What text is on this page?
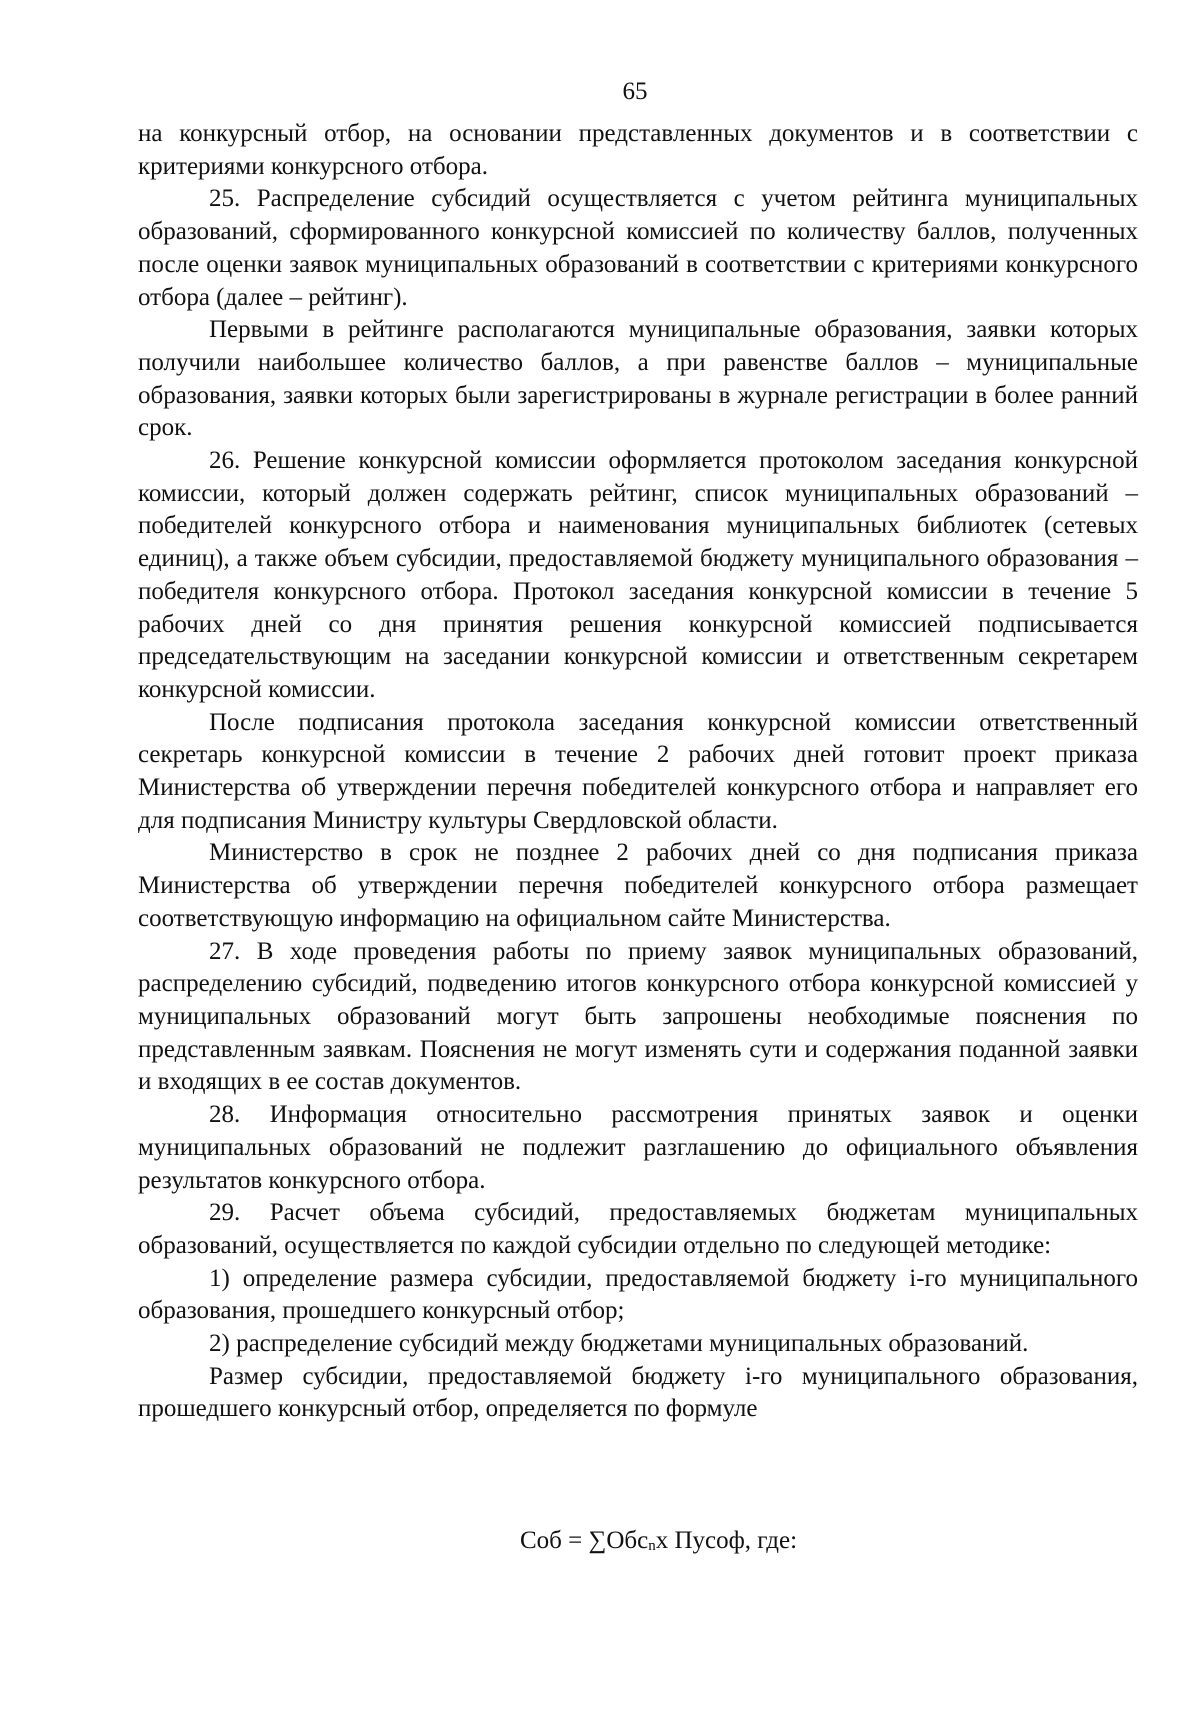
65

на конкурсный отбор, на основании представленных документов и в соответствии с критериями конкурсного отбора.

25. Распределение субсидий осуществляется с учетом рейтинга муниципальных образований, сформированного конкурсной комиссией по количеству баллов, полученных после оценки заявок муниципальных образований в соответствии с критериями конкурсного отбора (далее – рейтинг).

Первыми в рейтинге располагаются муниципальные образования, заявки которых получили наибольшее количество баллов, а при равенстве баллов – муниципальные образования, заявки которых были зарегистрированы в журнале регистрации в более ранний срок.

26. Решение конкурсной комиссии оформляется протоколом заседания конкурсной комиссии, который должен содержать рейтинг, список муниципальных образований – победителей конкурсного отбора и наименования муниципальных библиотек (сетевых единиц), а также объем субсидии, предоставляемой бюджету муниципального образования – победителя конкурсного отбора. Протокол заседания конкурсной комиссии в течение 5 рабочих дней со дня принятия решения конкурсной комиссией подписывается председательствующим на заседании конкурсной комиссии и ответственным секретарем конкурсной комиссии.

После подписания протокола заседания конкурсной комиссии ответственный секретарь конкурсной комиссии в течение 2 рабочих дней готовит проект приказа Министерства об утверждении перечня победителей конкурсного отбора и направляет его для подписания Министру культуры Свердловской области.

Министерство в срок не позднее 2 рабочих дней со дня подписания приказа Министерства об утверждении перечня победителей конкурсного отбора размещает соответствующую информацию на официальном сайте Министерства.

27. В ходе проведения работы по приему заявок муниципальных образований, распределению субсидий, подведению итогов конкурсного отбора конкурсной комиссией у муниципальных образований могут быть запрошены необходимые пояснения по представленным заявкам. Пояснения не могут изменять сути и содержания поданной заявки и входящих в ее состав документов.

28. Информация относительно рассмотрения принятых заявок и оценки муниципальных образований не подлежит разглашению до официального объявления результатов конкурсного отбора.

29. Расчет объема субсидий, предоставляемых бюджетам муниципальных образований, осуществляется по каждой субсидии отдельно по следующей методике:

1) определение размера субсидии, предоставляемой бюджету i-го муниципального образования, прошедшего конкурсный отбор;

2) распределение субсидий между бюджетами муниципальных образований.

Размер субсидии, предоставляемой бюджету i-го муниципального образования, прошедшего конкурсный отбор, определяется по формуле

Соб = ∑Обс$_n$х Пусоф, где:
